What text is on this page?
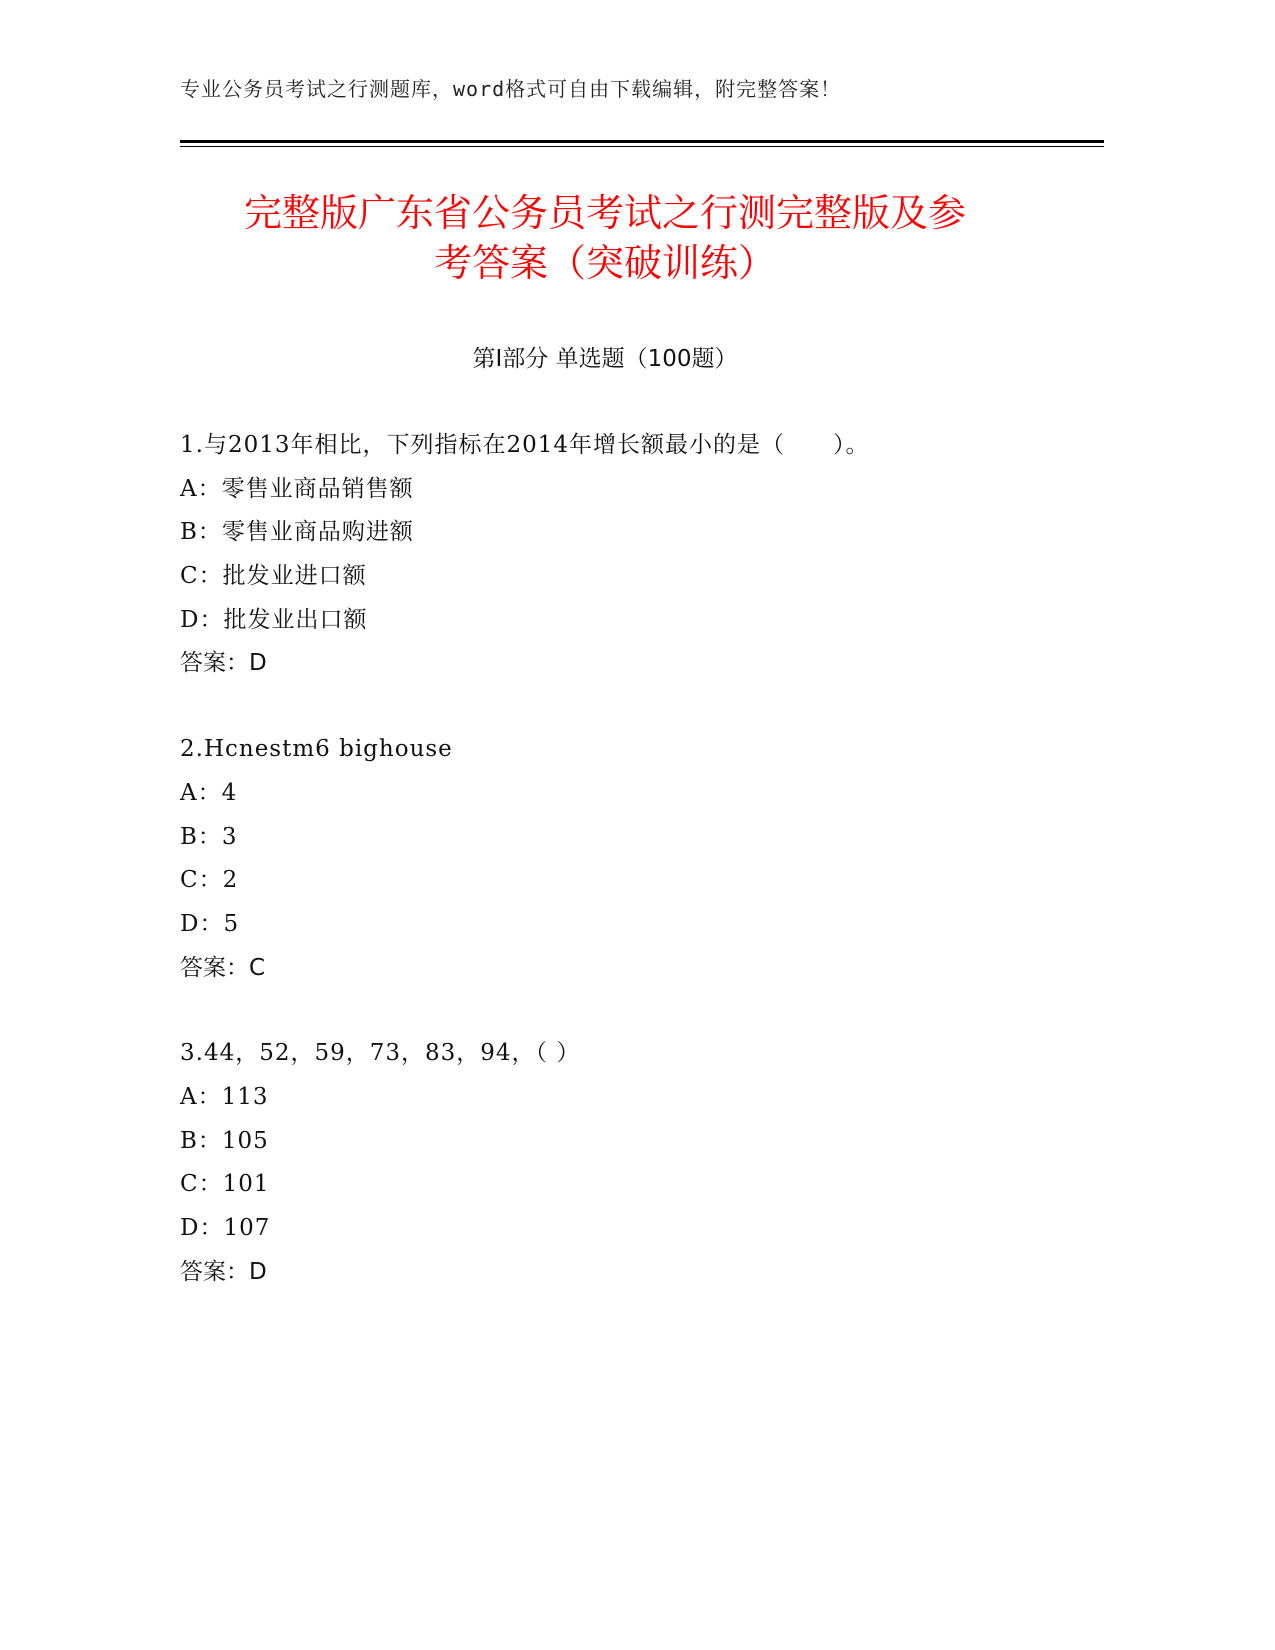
专业公务员考试之行测题库，word格式可自由下载编辑，附完整答案！
完整版广东省公务员考试之行测完整版及参
考答案（突破训练）
第Ⅰ部分 单选题（100题）
1.与2013年相比，下列指标在2014年增长额最小的是（　　）。
A：零售业商品销售额
B：零售业商品购进额
C：批发业进口额
D：批发业出口额
答案：D
2.Hcnestm6 bighouse
A：4
B：3
C：2
D：5
答案：C
3.44，52，59，73，83，94，（ ）
A：113
B：105
C：101
D：107
答案：D
